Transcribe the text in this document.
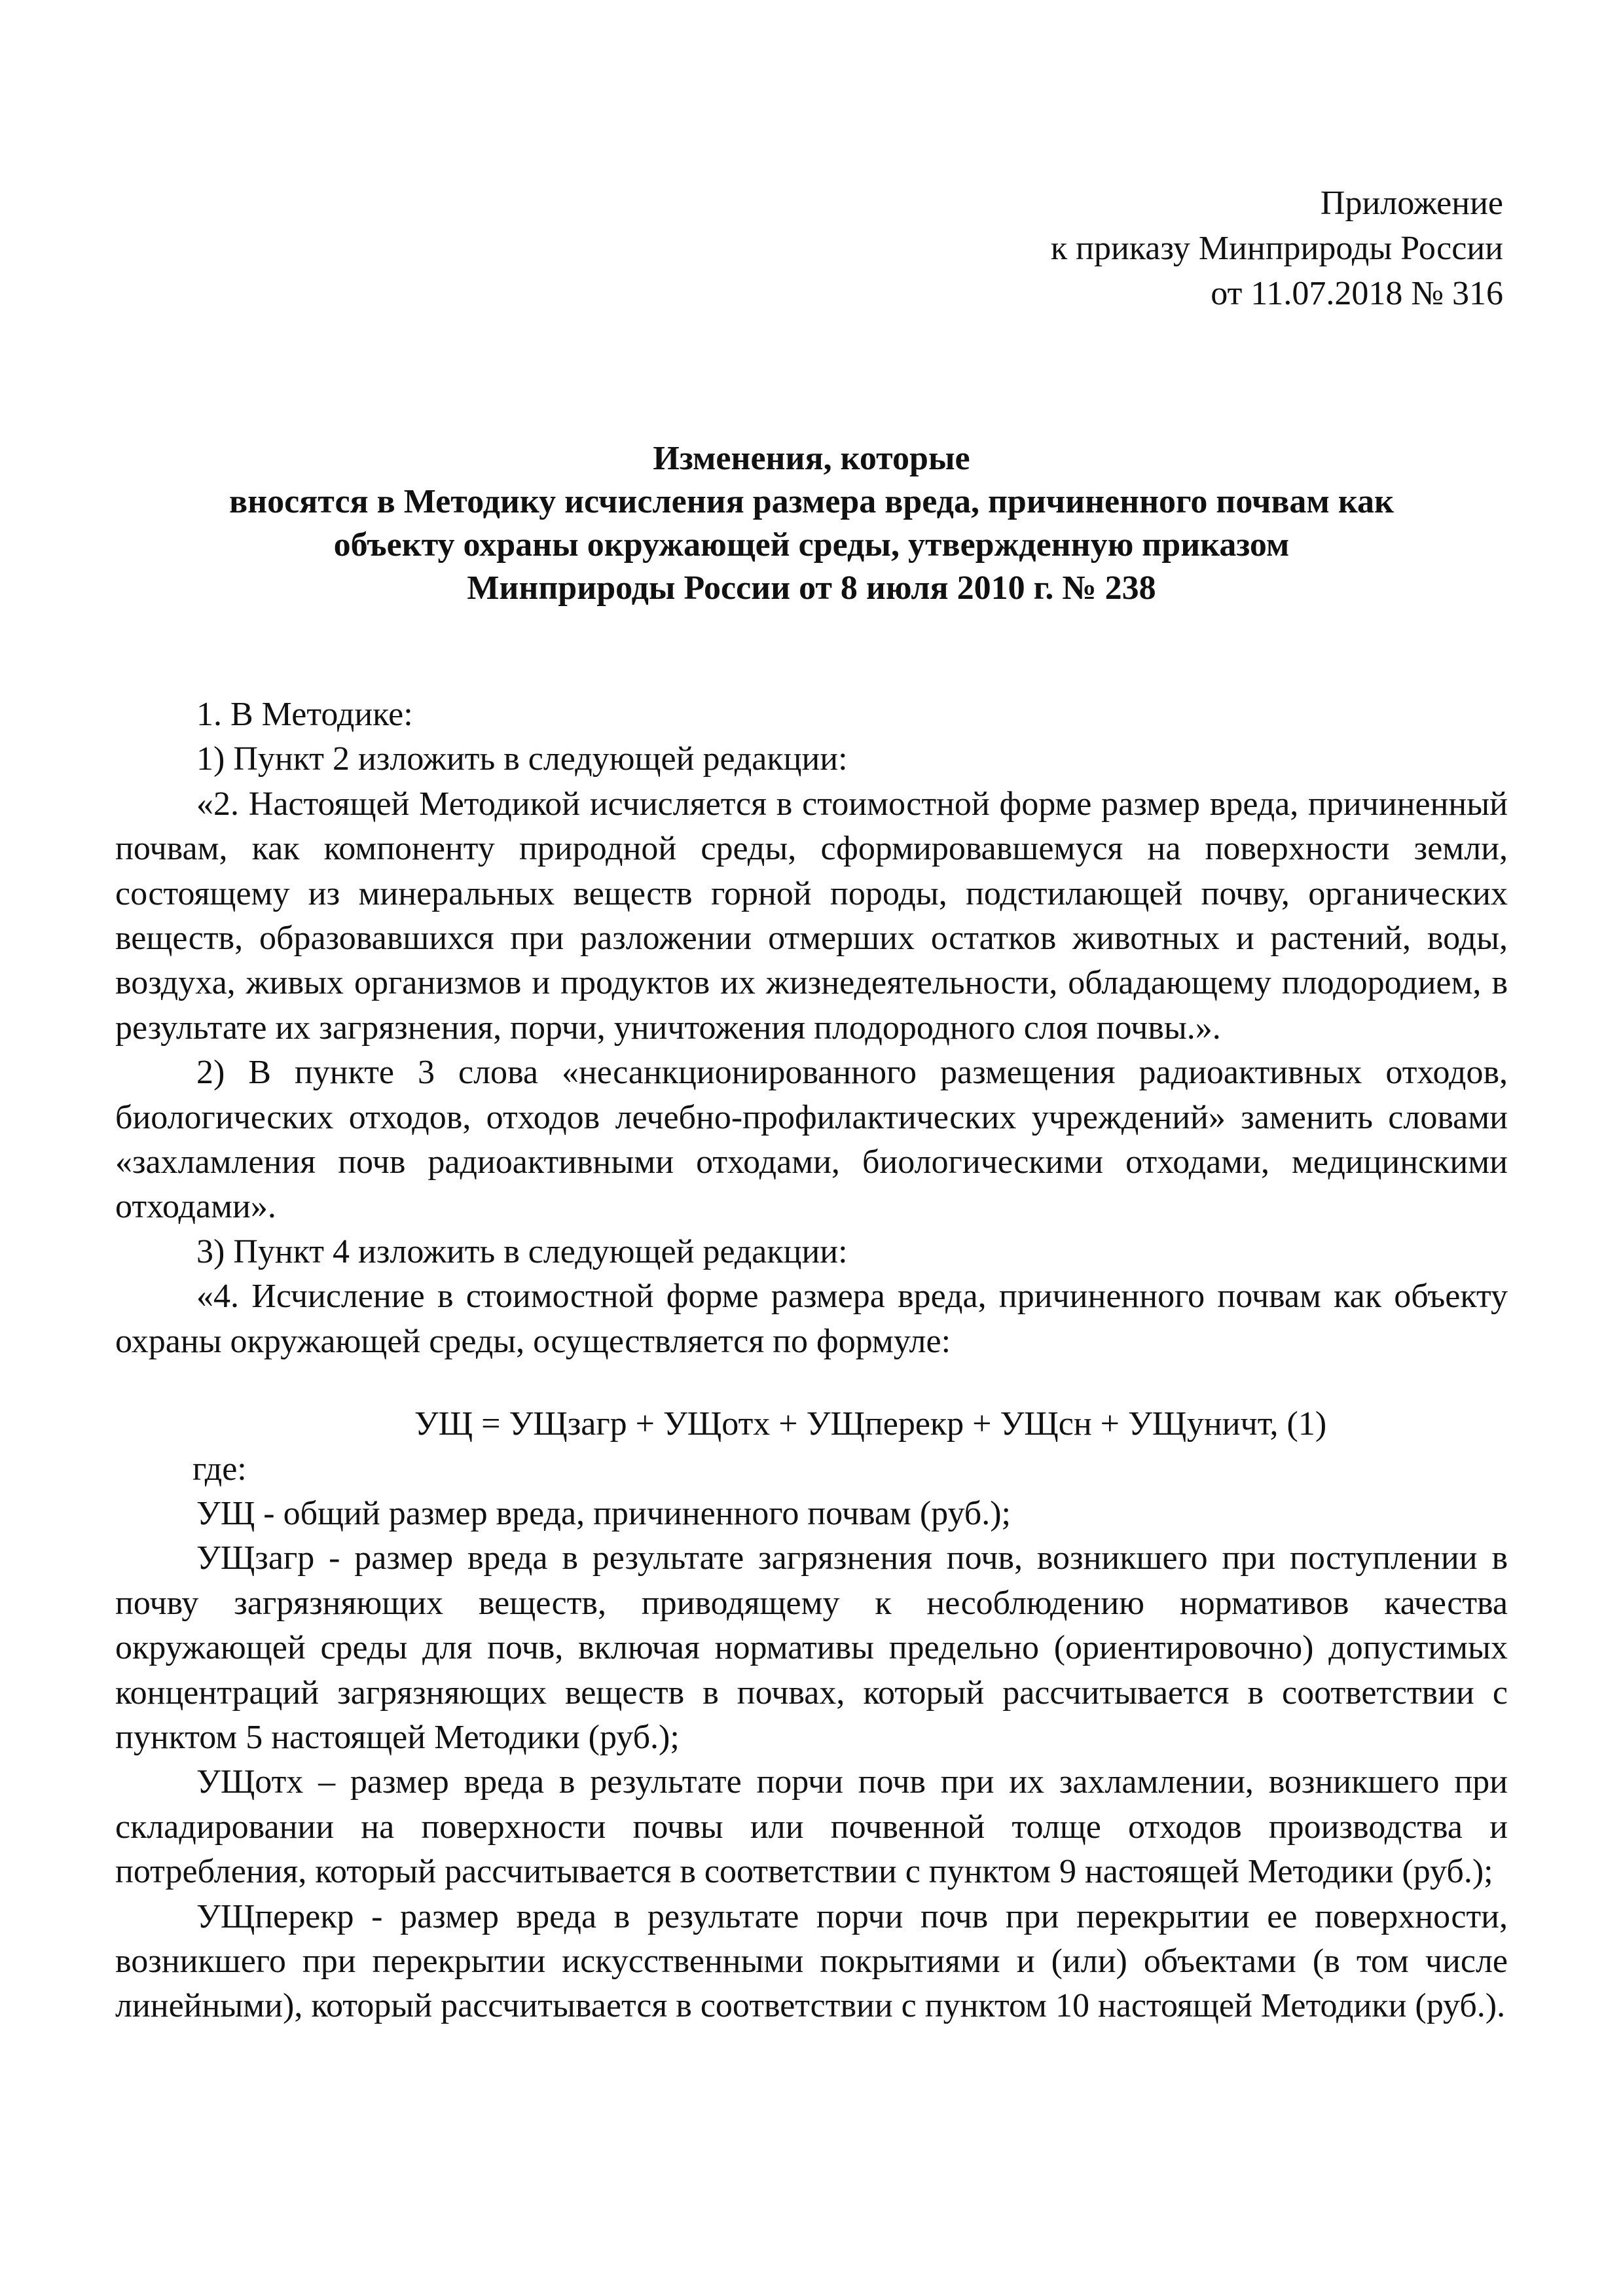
Приложение
к приказу Минприроды России
от 11.07.2018 № 316
Изменения, которые
вносятся в Методику исчисления размера вреда, причиненного почвам как
объекту охраны окружающей среды, утвержденную приказом
Минприроды России от 8 июля 2010 г. № 238

1. В Методике:

1) Пункт 2 изложить в следующей редакции:

«2. Настоящей Методикой исчисляется в стоимостной форме размер вреда, причиненный почвам, как компоненту природной среды, сформировавшемуся на поверхности земли, состоящему из минеральных веществ горной породы, подстилающей почву, органических веществ, образовавшихся при разложении отмерших остатков животных и растений, воды, воздуха, живых организмов и продуктов их жизнедеятельности, обладающему плодородием, в результате их загрязнения, порчи, уничтожения плодородного слоя почвы.».

2) В пункте 3 слова «несанкционированного размещения радиоактивных отходов, биологических отходов, отходов лечебно-профилактических учреждений» заменить словами «захламления почв радиоактивными отходами, биологическими отходами, медицинскими отходами».

3) Пункт 4 изложить в следующей редакции:

«4. Исчисление в стоимостной форме размера вреда, причиненного почвам как объекту охраны окружающей среды, осуществляется по формуле:

УЩ = УЩзагр + УЩотх + УЩперекр + УЩсн + УЩуничт, (1)

где:

УЩ - общий размер вреда, причиненного почвам (руб.);

УЩзагр - размер вреда в результате загрязнения почв, возникшего при поступлении в почву загрязняющих веществ, приводящему к несоблюдению нормативов качества окружающей среды для почв, включая нормативы предельно (ориентировочно) допустимых концентраций загрязняющих веществ в почвах, который рассчитывается в соответствии с пунктом 5 настоящей Методики (руб.);

УЩотх – размер вреда в результате порчи почв при их захламлении, возникшего при складировании на поверхности почвы или почвенной толще отходов производства и потребления, который рассчитывается в соответствии с пунктом 9 настоящей Методики (руб.);

УЩперекр - размер вреда в результате порчи почв при перекрытии ее поверхности, возникшего при перекрытии искусственными покрытиями и (или) объектами (в том числе линейными), который рассчитывается в соответствии с пунктом 10 настоящей Методики (руб.).
